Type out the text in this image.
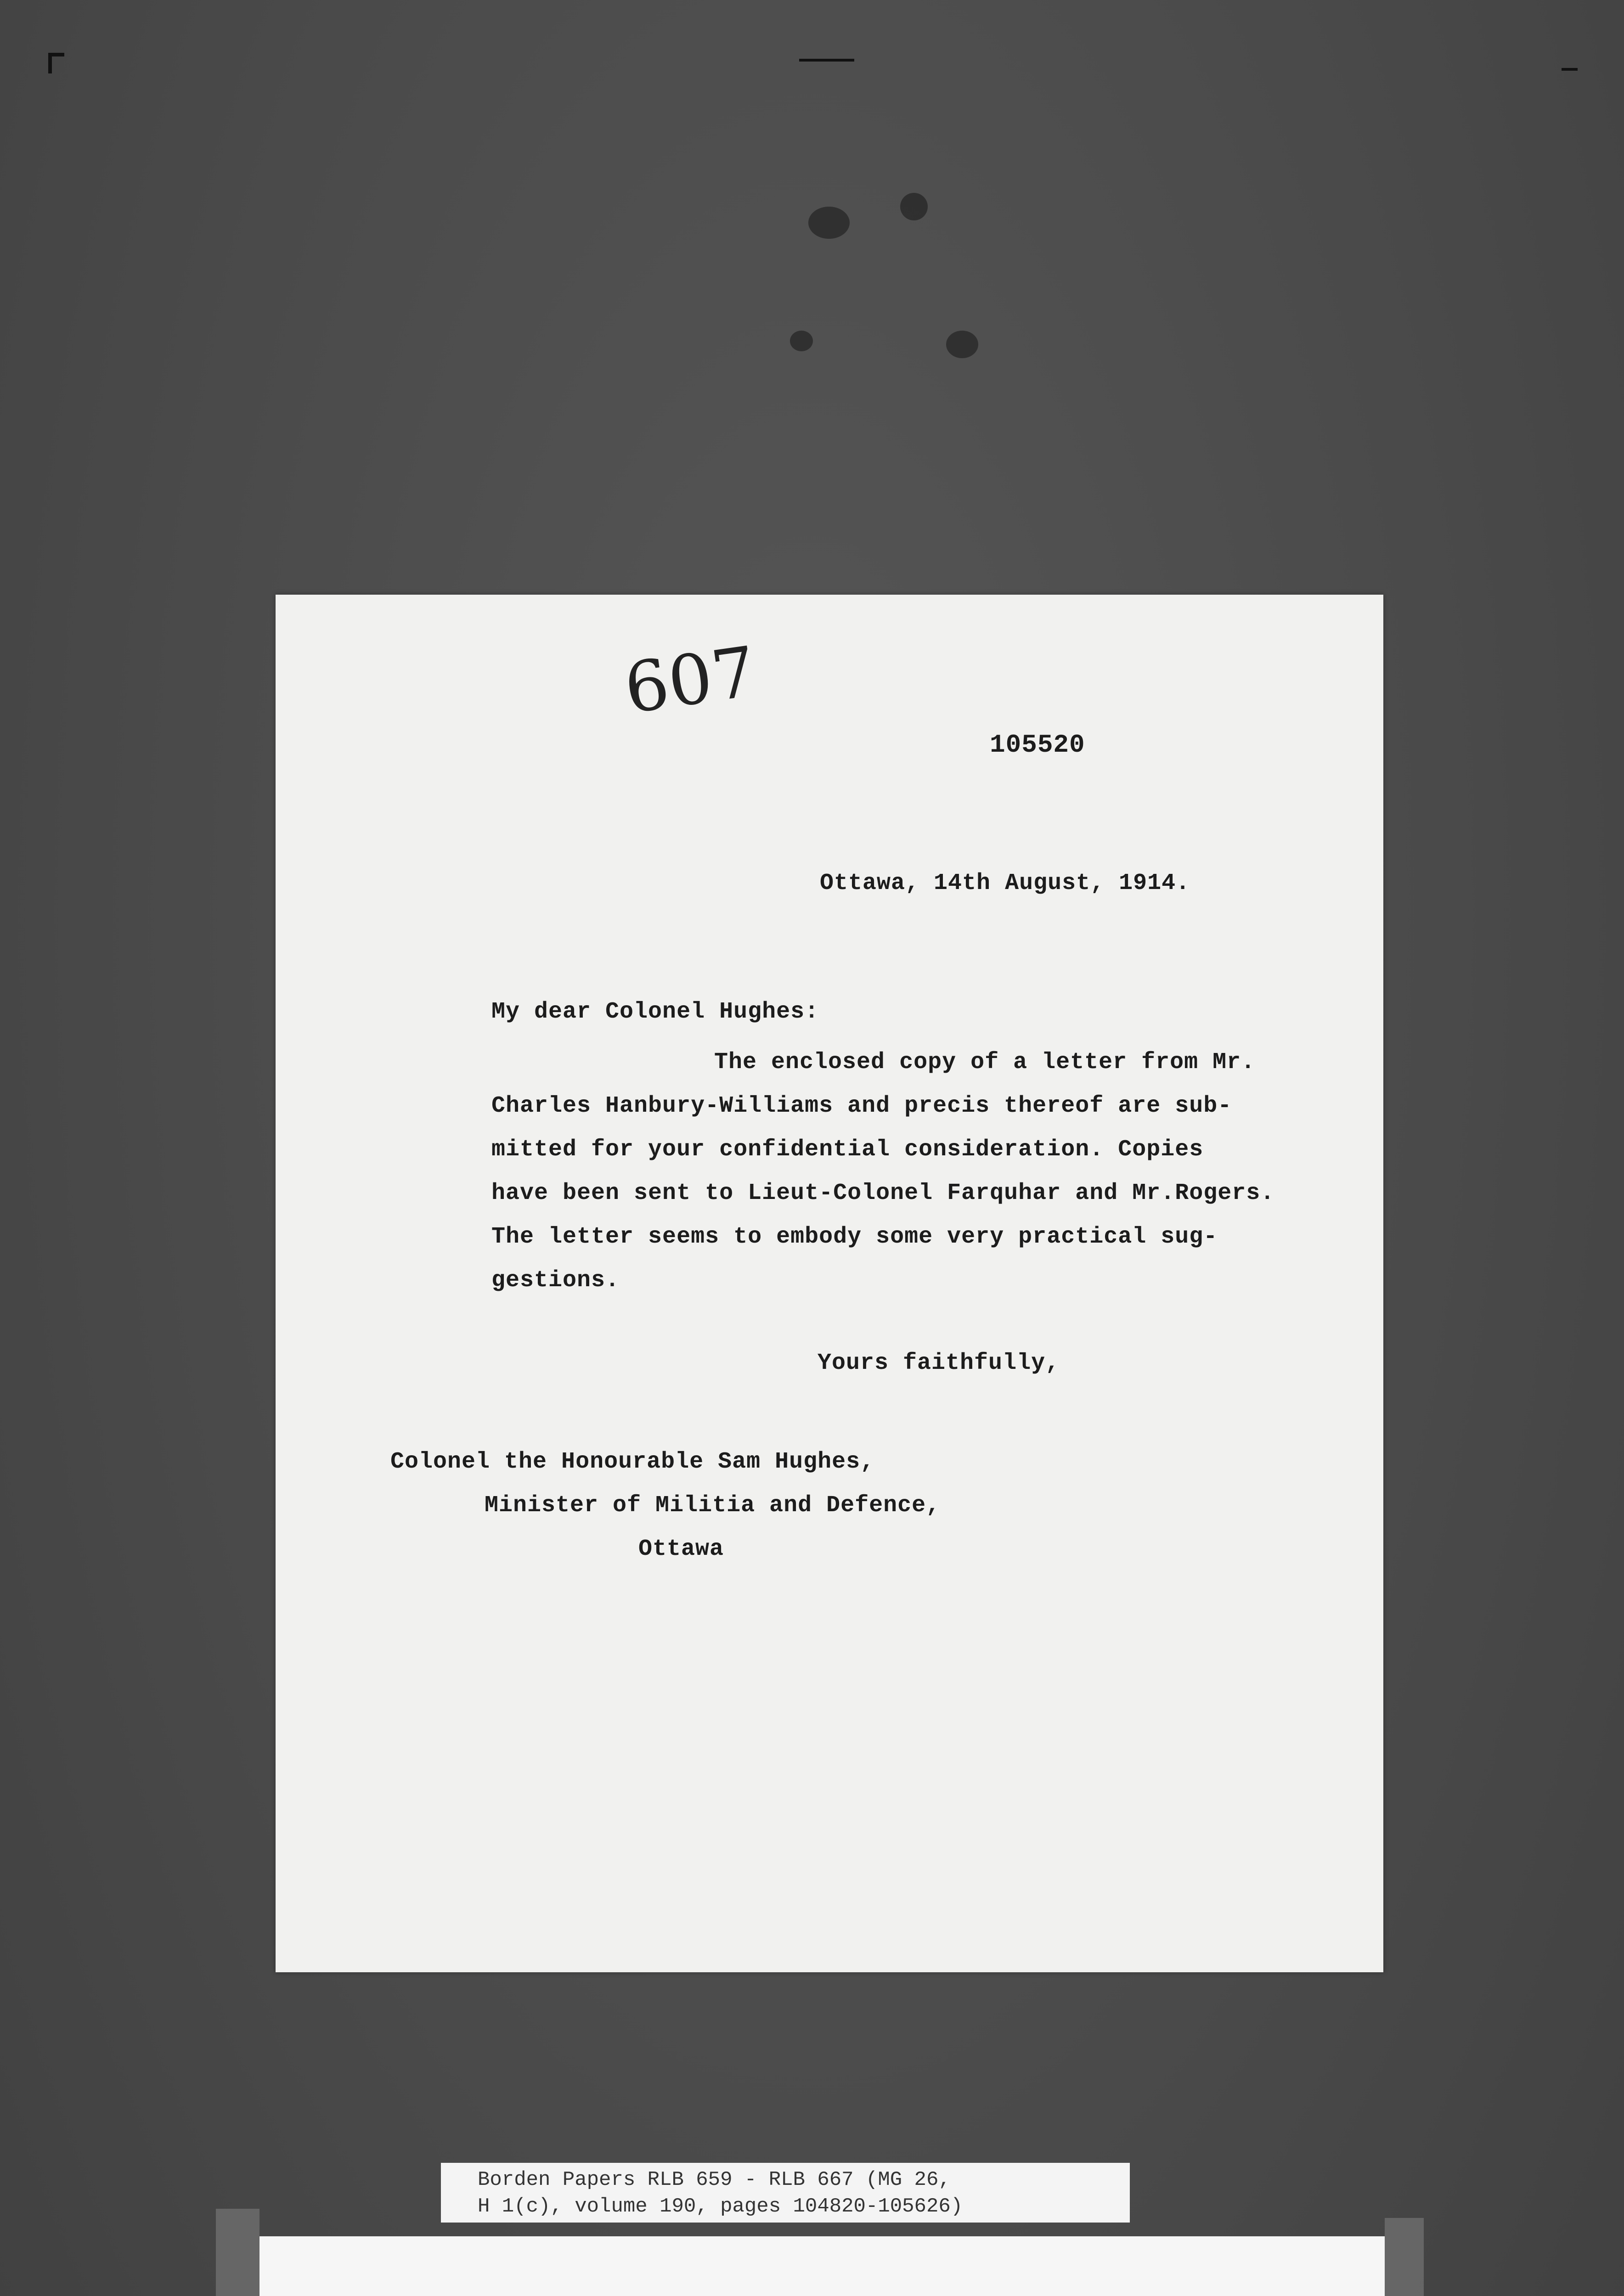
607
105520
Ottawa, 14th August, 1914.
My dear Colonel Hughes:
The enclosed copy of a letter from Mr.
Charles Hanbury-Williams and precis thereof are sub-
mitted for your confidential consideration. Copies
have been sent to Lieut-Colonel Farquhar and Mr.Rogers.
The letter seems to embody some very practical sug-
gestions.
Yours faithfully,
Colonel the Honourable Sam Hughes,
Minister of Militia and Defence,
Ottawa
Borden Papers RLB 659 - RLB 667 (MG 26,
H 1(c), volume 190, pages 104820-105626)
